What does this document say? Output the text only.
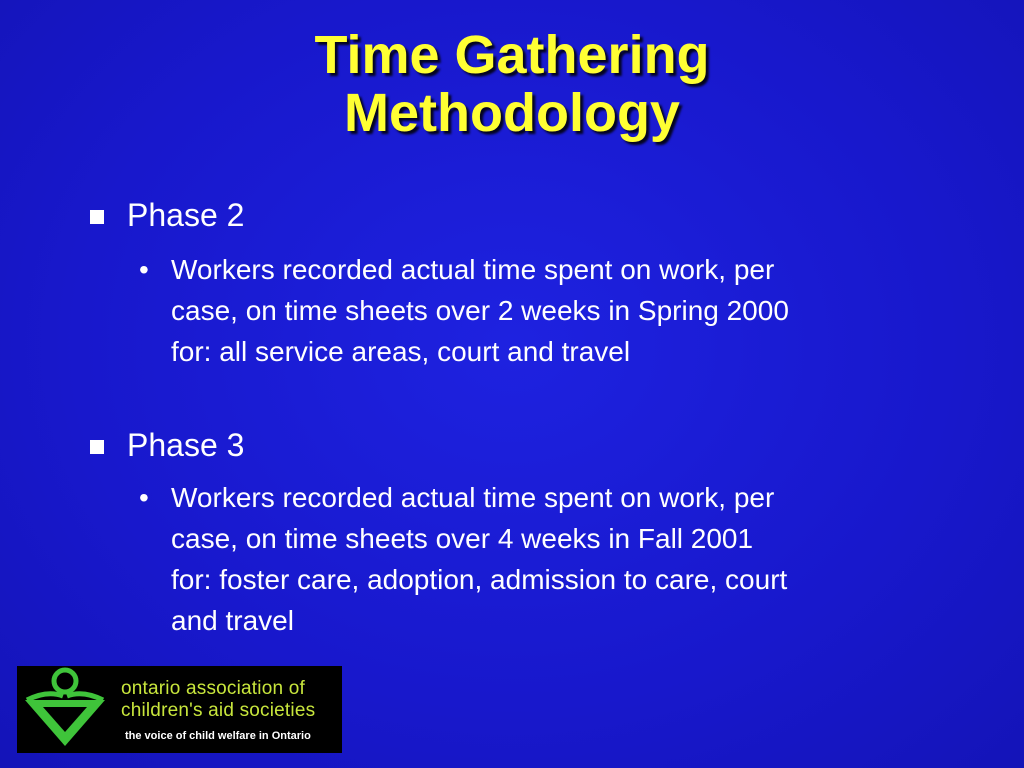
Time Gathering
Methodology
Phase 2
• Workers recorded actual time spent on work, per
case, on time sheets over 2 weeks in Spring 2000
for: all service areas, court and travel
Phase 3
• Workers recorded actual time spent on work, per
case, on time sheets over 4 weeks in Fall 2001
for: foster care, adoption, admission to care, court
and travel
ontario association of
children's aid societies
the voice of child welfare in Ontario
